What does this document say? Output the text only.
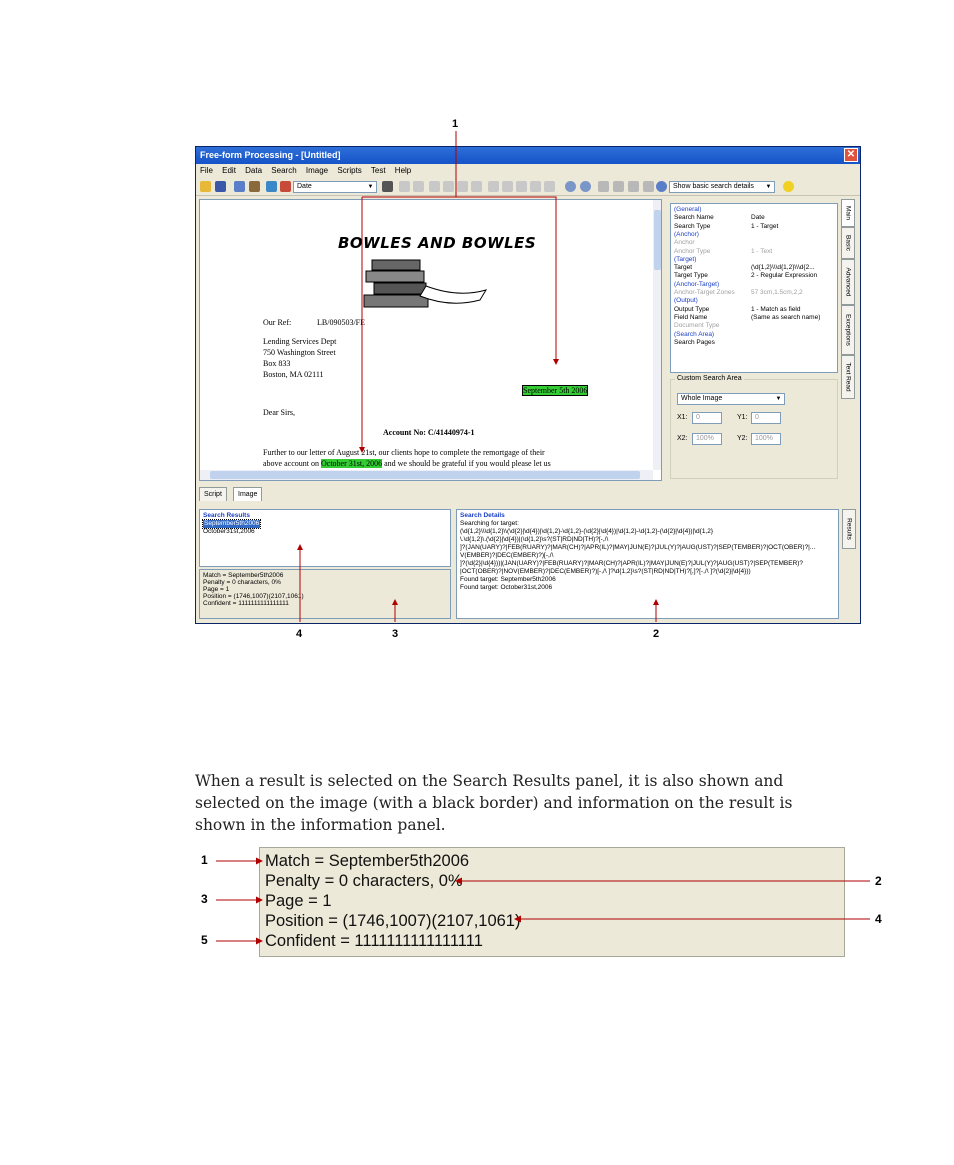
1
4	3	2
Free-form Processing - [Untitled]	✕
File Edit Data Search Image Scripts Test Help
Date	▼	Show basic search details ▼
BOWLES AND BOWLES
Our Ref:	LB/090503/FE
Lending Services Dept
750 Washington Street
Box 833
Boston, MA 02111
September 5th 2006
Dear Sirs,
Account No: C/41440974-1
Further to our letter of August 21st, our clients hope to complete the remortgage of their
above account on October 31st, 2006 and we should be grateful if you would please let us
Script	Image
(General)
Search Name	Date
Search Type	1 - Target
(Anchor)
Anchor
Anchor Type	1 - Text
(Target)
Target	(\d{1,2}\\\d{1,2}\\\d{2...
Target Type	2 - Regular Expression
(Anchor-Target)
Anchor-Target Zones	57 3cm,1.5cm,2,2
(Output)
Output Type	1 - Match as field
Field Name	(Same as search name)
Document Type
(Search Area)
Search Pages
Custom Search Area
Whole Image	▼
X1:	0	Y1:	0
X2:	100%	Y2:	100%
Main
Basic
Advanced
Exceptions
Text Read
Results
Search Results
September5th2006
October31st,2006
Match = September5th2006
Penalty = 0 characters, 0%
Page = 1
Position = (1746,1007)(2107,1061)
Confident = 1111111111111111
Search Details
Searching for target:
(\d{1,2}\\\d{1,2}\\(\d{2}|\d{4})|\d{1,2}-\d{1,2}-(\d{2}|\d{4})|\d{1,2}-\d{1,2}-(\d{2}|\d{4})|\d{1,2}
\.\d{1,2}\.(\d{2}|\d{4})|(\d{1,2}\s?(ST|RD|ND|TH)?[-,/\
]?(JAN(UARY)?|FEB(RUARY)?|MAR(CH)?|APR(IL)?|MAY|JUN(E)?|JUL(Y)?|AUG(UST)?|SEP(TEMBER)?|OCT(OBER)?|...
V(EMBER)?|DEC(EMBER)?)[-,/\
]?(\d{2}|\d{4}))|(JAN(UARY)?|FEB(RUARY)?|MAR(CH)?|APR(IL)?|MAY|JUN(E)?|JUL(Y)?|AUG(UST)?|SEP(TEMBER)?
|OCT(OBER)?|NOV(EMBER)?|DEC(EMBER)?)[-,/\ ]?\d{1,2}\s?(ST|RD|ND|TH)?[,]?[-,/\ ]?(\d{2}|\d{4}))
Found target: September5th2006
Found target: October31st,2006
When a result is selected on the Search Results panel, it is also shown and selected on the image (with a black border) and information on the result is shown in the information panel.
Match = September5th2006
Penalty = 0 characters, 0%
Page = 1
Position = (1746,1007)(2107,1061)
Confident = 1111111111111111
1
2
3
4
5
